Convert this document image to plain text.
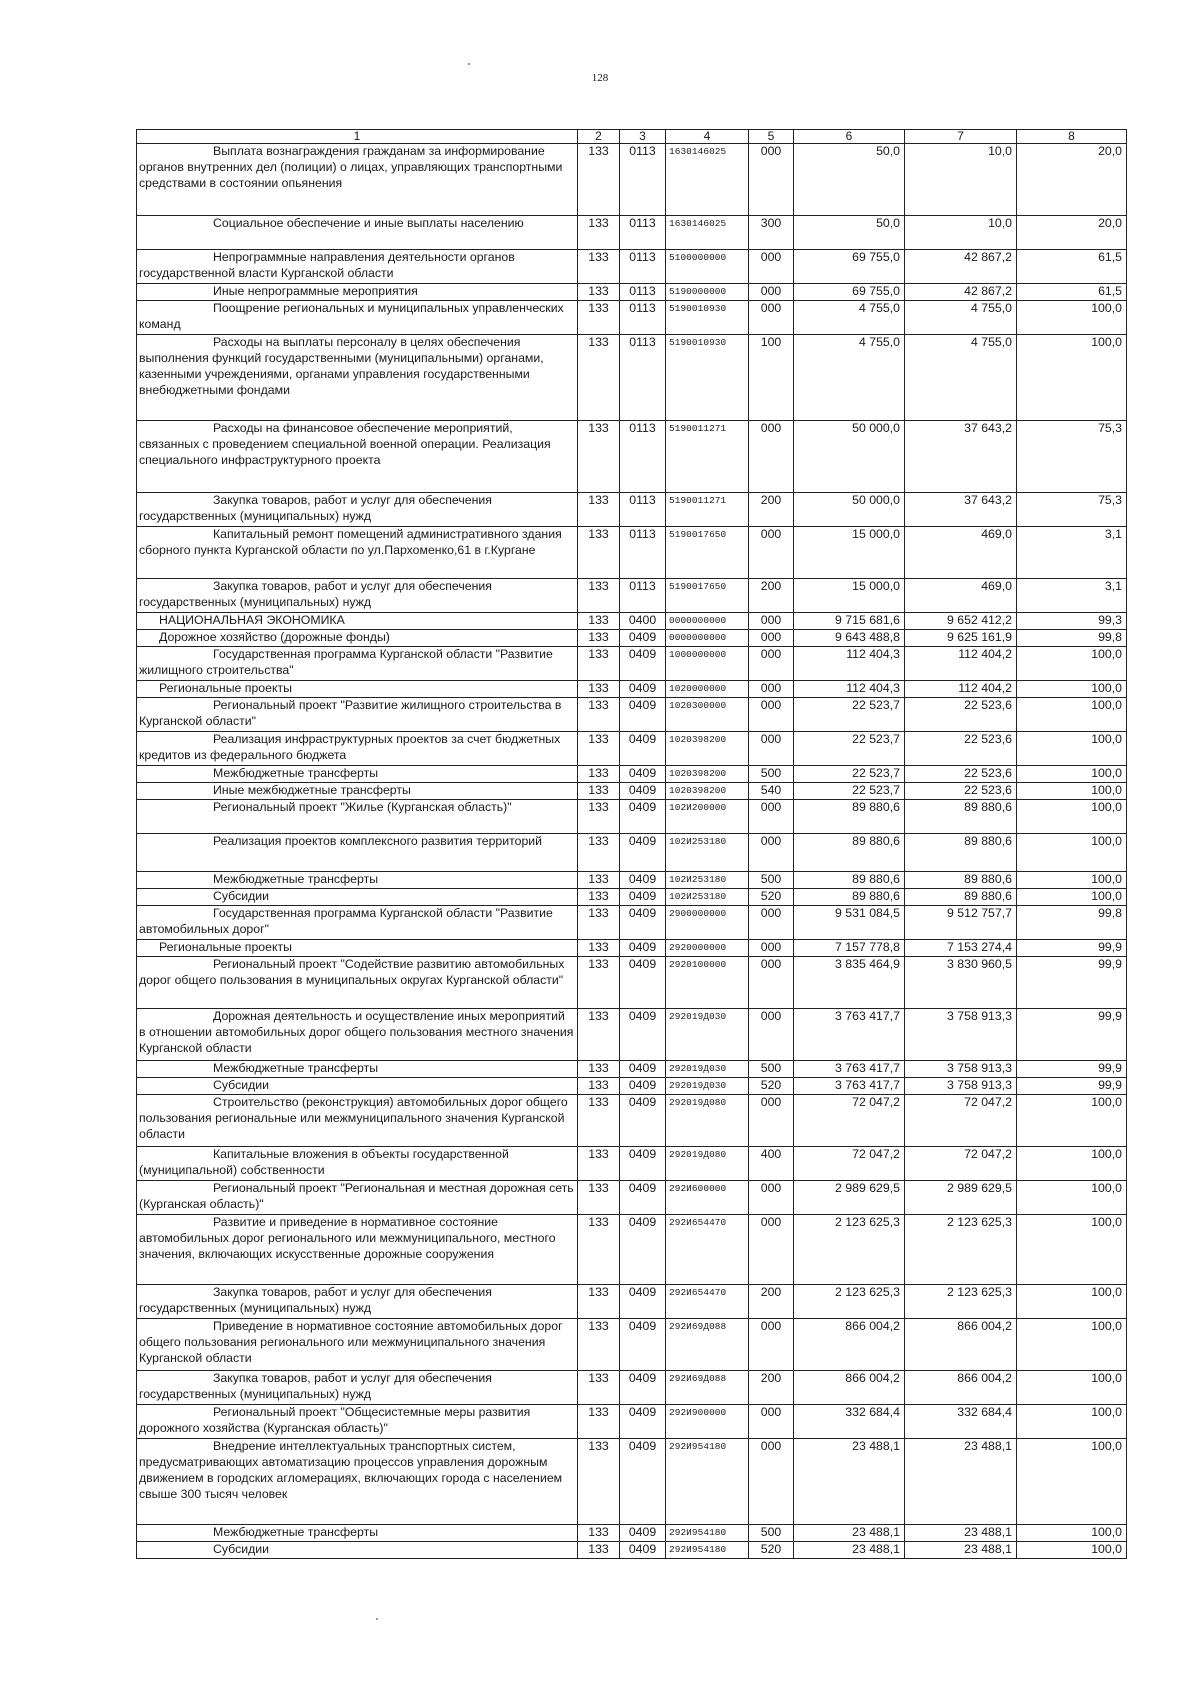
128
1	2	3	4	5	6	7	8
Выплата вознаграждения гражданам за информирование органов внутренних дел (полиции) о лицах, управляющих транспортными средствами в состоянии опьянения	133	0113	1630146025	000	50,0	10,0	20,0
Социальное обеспечение и иные выплаты населению	133	0113	1630146025	300	50,0	10,0	20,0
Непрограммные направления деятельности органов государственной власти Курганской области	133	0113	5100000000	000	69 755,0	42 867,2	61,5
Иные непрограммные мероприятия	133	0113	5190000000	000	69 755,0	42 867,2	61,5
Поощрение региональных и муниципальных управленческих команд	133	0113	5190010930	000	4 755,0	4 755,0	100,0
Расходы на выплаты персоналу в целях обеспечения выполнения функций государственными (муниципальными) органами, казенными учреждениями, органами управления государственными внебюджетными фондами	133	0113	5190010930	100	4 755,0	4 755,0	100,0
Расходы на финансовое обеспечение мероприятий, связанных с проведением специальной военной операции. Реализация специального инфраструктурного проекта	133	0113	5190011271	000	50 000,0	37 643,2	75,3
Закупка товаров, работ и услуг для обеспечения государственных (муниципальных) нужд	133	0113	5190011271	200	50 000,0	37 643,2	75,3
Капитальный ремонт помещений административного здания сборного пункта Курганской области по ул.Пархоменко,61 в г.Кургане	133	0113	5190017650	000	15 000,0	469,0	3,1
Закупка товаров, работ и услуг для обеспечения государственных (муниципальных) нужд	133	0113	5190017650	200	15 000,0	469,0	3,1
НАЦИОНАЛЬНАЯ ЭКОНОМИКА	133	0400	0000000000	000	9 715 681,6	9 652 412,2	99,3
Дорожное хозяйство (дорожные фонды)	133	0409	0000000000	000	9 643 488,8	9 625 161,9	99,8
Государственная программа Курганской области "Развитие жилищного строительства"	133	0409	1000000000	000	112 404,3	112 404,2	100,0
Региональные проекты	133	0409	1020000000	000	112 404,3	112 404,2	100,0
Региональный проект "Развитие жилищного строительства в Курганской области"	133	0409	1020300000	000	22 523,7	22 523,6	100,0
Реализация инфраструктурных проектов за счет бюджетных кредитов из федерального бюджета	133	0409	1020398200	000	22 523,7	22 523,6	100,0
Межбюджетные трансферты	133	0409	1020398200	500	22 523,7	22 523,6	100,0
Иные межбюджетные трансферты	133	0409	1020398200	540	22 523,7	22 523,6	100,0
Региональный проект "Жилье (Курганская область)"	133	0409	102И200000	000	89 880,6	89 880,6	100,0
Реализация проектов комплексного развития территорий	133	0409	102И253180	000	89 880,6	89 880,6	100,0
Межбюджетные трансферты	133	0409	102И253180	500	89 880,6	89 880,6	100,0
Субсидии	133	0409	102И253180	520	89 880,6	89 880,6	100,0
Государственная программа Курганской области "Развитие автомобильных дорог"	133	0409	2900000000	000	9 531 084,5	9 512 757,7	99,8
Региональные проекты	133	0409	2920000000	000	7 157 778,8	7 153 274,4	99,9
Региональный проект "Содействие развитию автомобильных дорог общего пользования в муниципальных округах Курганской области"	133	0409	2920100000	000	3 835 464,9	3 830 960,5	99,9
Дорожная деятельность и осуществление иных мероприятий в отношении автомобильных дорог общего пользования местного значения Курганской области	133	0409	292019Д030	000	3 763 417,7	3 758 913,3	99,9
Межбюджетные трансферты	133	0409	292019Д030	500	3 763 417,7	3 758 913,3	99,9
Субсидии	133	0409	292019Д030	520	3 763 417,7	3 758 913,3	99,9
Строительство (реконструкция) автомобильных дорог общего пользования региональные или межмуниципального значения Курганской области	133	0409	292019Д080	000	72 047,2	72 047,2	100,0
Капитальные вложения в объекты государственной (муниципальной) собственности	133	0409	292019Д080	400	72 047,2	72 047,2	100,0
Региональный проект "Региональная и местная дорожная сеть (Курганская область)"	133	0409	292И600000	000	2 989 629,5	2 989 629,5	100,0
Развитие и приведение в нормативное состояние автомобильных дорог регионального или межмуниципального, местного значения, включающих искусственные дорожные сооружения	133	0409	292И654470	000	2 123 625,3	2 123 625,3	100,0
Закупка товаров, работ и услуг для обеспечения государственных (муниципальных) нужд	133	0409	292И654470	200	2 123 625,3	2 123 625,3	100,0
Приведение в нормативное состояние автомобильных дорог общего пользования регионального или межмуниципального значения Курганской области	133	0409	292И69Д088	000	866 004,2	866 004,2	100,0
Закупка товаров, работ и услуг для обеспечения государственных (муниципальных) нужд	133	0409	292И69Д088	200	866 004,2	866 004,2	100,0
Региональный проект "Общесистемные меры развития дорожного хозяйства (Курганская область)"	133	0409	292И900000	000	332 684,4	332 684,4	100,0
Внедрение интеллектуальных транспортных систем, предусматривающих автоматизацию процессов управления дорожным движением в городских агломерациях, включающих города с населением свыше 300 тысяч человек	133	0409	292И954180	000	23 488,1	23 488,1	100,0
Межбюджетные трансферты	133	0409	292И954180	500	23 488,1	23 488,1	100,0
Субсидии	133	0409	292И954180	520	23 488,1	23 488,1	100,0
